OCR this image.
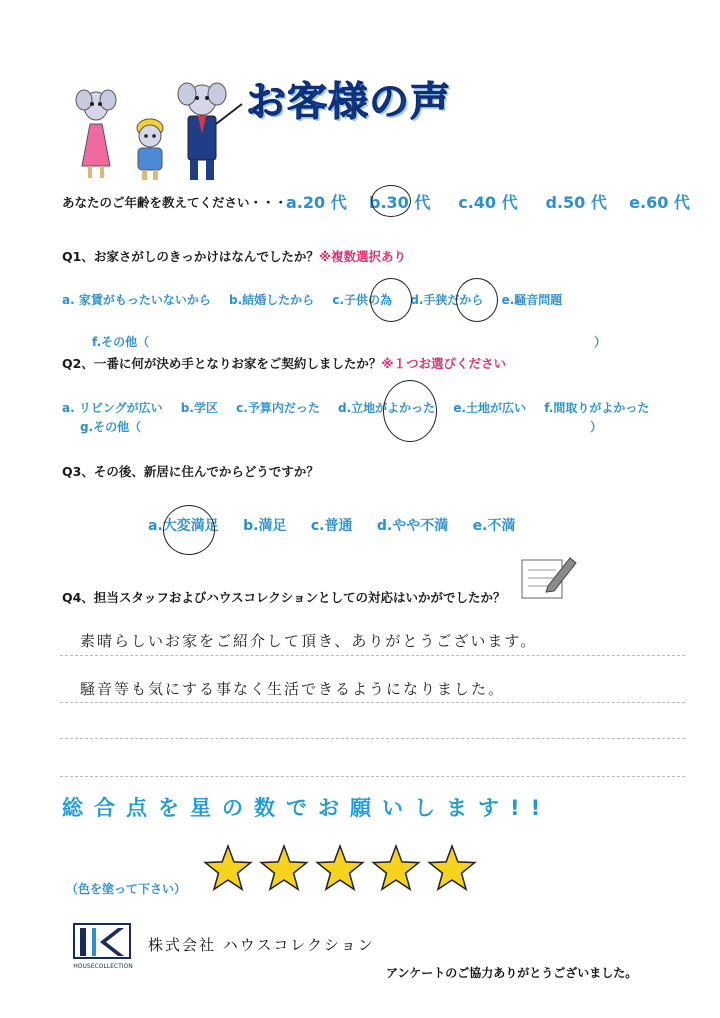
お客様の声
あなたのご年齢を教えてください・・・
a.20 代 b.30 代 c.40 代 d.50 代 e.60 代
Q1、お家さがしのきっかけはなんでしたか？※複数選択あり
a. 家賃がもったいないから b.結婚したから c.子供の為 d.手狭だから e.騒音問題
f.その他（	）
Q2、一番に何が決め手となりお家をご契約しましたか？※１つお選びください
a. リビングが広い b.学区 c.予算内だった d.立地がよかった e.土地が広い f.間取りがよかった
g.その他（	）
Q3、その後、新居に住んでからどうですか？
a.大変満足 b.満足 c.普通 d.やや不満 e.不満
Q4、担当スタッフおよびハウスコレクションとしての対応はいかがでしたか？
素晴らしいお家をご紹介して頂き、ありがとうございます。
騒音等も気にする事なく生活できるようになりました。
総合点を星の数でお願いします!!
（色を塗って下さい）
HOUSECOLLECTION
株式会社 ハウスコレクション
アンケートのご協力ありがとうございました。
